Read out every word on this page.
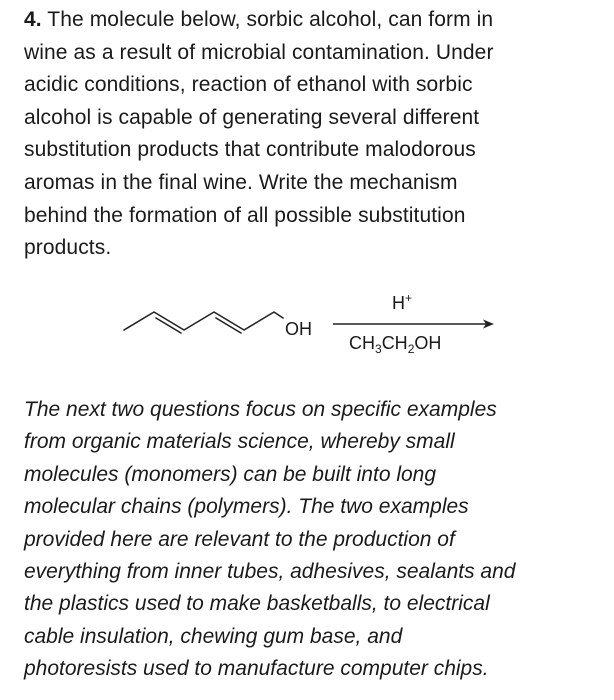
4. The molecule below, sorbic alcohol, can form in
wine as a result of microbial contamination. Under
acidic conditions, reaction of ethanol with sorbic
alcohol is capable of generating several different
substitution products that contribute malodorous
aromas in the final wine. Write the mechanism
behind the formation of all possible substitution
products.
OH
H+
$CH_3CH_2OH$
The next two questions focus on specific examples
from organic materials science, whereby small
molecules (monomers) can be built into long
molecular chains (polymers). The two examples
provided here are relevant to the production of
everything from inner tubes, adhesives, sealants and
the plastics used to make basketballs, to electrical
cable insulation, chewing gum base, and
photoresists used to manufacture computer chips.
